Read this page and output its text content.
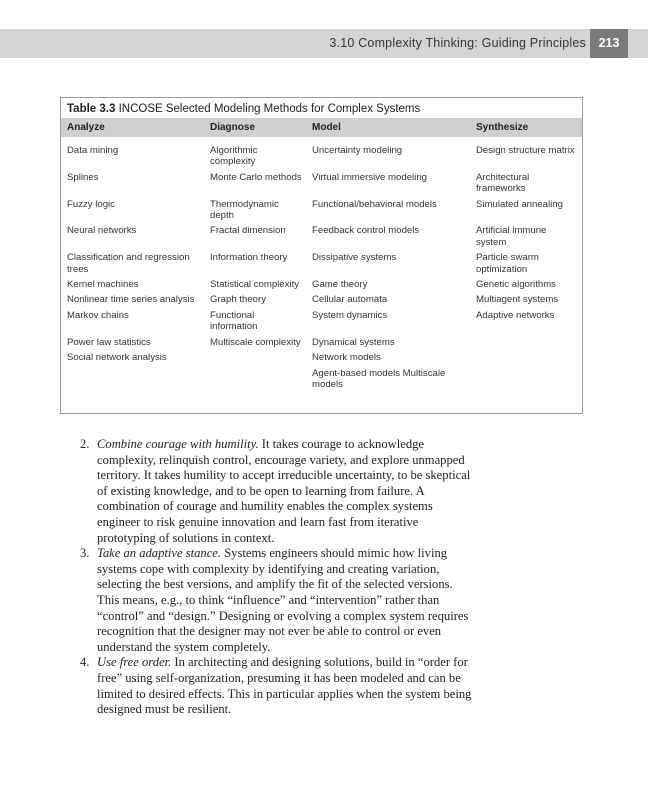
3.10 Complexity Thinking: Guiding Principles	213
Table 3.3 INCOSE Selected Modeling Methods for Complex Systems
Analyze	Diagnose	Model	Synthesize
Data mining	Algorithmic complexity	Uncertainty modeling	Design structure matrix
Splines	Monte Carlo methods	Virtual immersive modeling	Architectural frameworks
Fuzzy logic	Thermodynamic depth	Functional/behavioral models	Simulated annealing
Neural networks	Fractal dimension	Feedback control models	Artificial immune system
Classification and regression trees	Information theory	Dissipative systems	Particle swarm optimization
Kernel machines	Statistical complexity	Game theory	Genetic algorithms
Nonlinear time series analysis	Graph theory	Cellular automata	Multiagent systems
Markov chains	Functional information	System dynamics	Adaptive networks
Power law statistics	Multiscale complexity	Dynamical systems	
Social network analysis		Network models	
		Agent-based models Multiscale models	
2. Combine courage with humility. It takes courage to acknowledge complexity, relinquish control, encourage variety, and explore unmapped territory. It takes humility to accept irreducible uncertainty, to be skeptical of existing knowledge, and to be open to learning from failure. A combination of courage and humility enables the complex systems engineer to risk genuine innovation and learn fast from iterative prototyping of solutions in context.
3. Take an adaptive stance. Systems engineers should mimic how living systems cope with complexity by identifying and creating variation, selecting the best versions, and amplify the fit of the selected versions. This means, e.g., to think “influence” and “intervention” rather than “control” and “design.” Designing or evolving a complex system requires recognition that the designer may not ever be able to control or even understand the system completely.
4. Use free order. In architecting and designing solutions, build in “order for free” using self-organization, presuming it has been modeled and can be limited to desired effects. This in particular applies when the system being designed must be resilient.
